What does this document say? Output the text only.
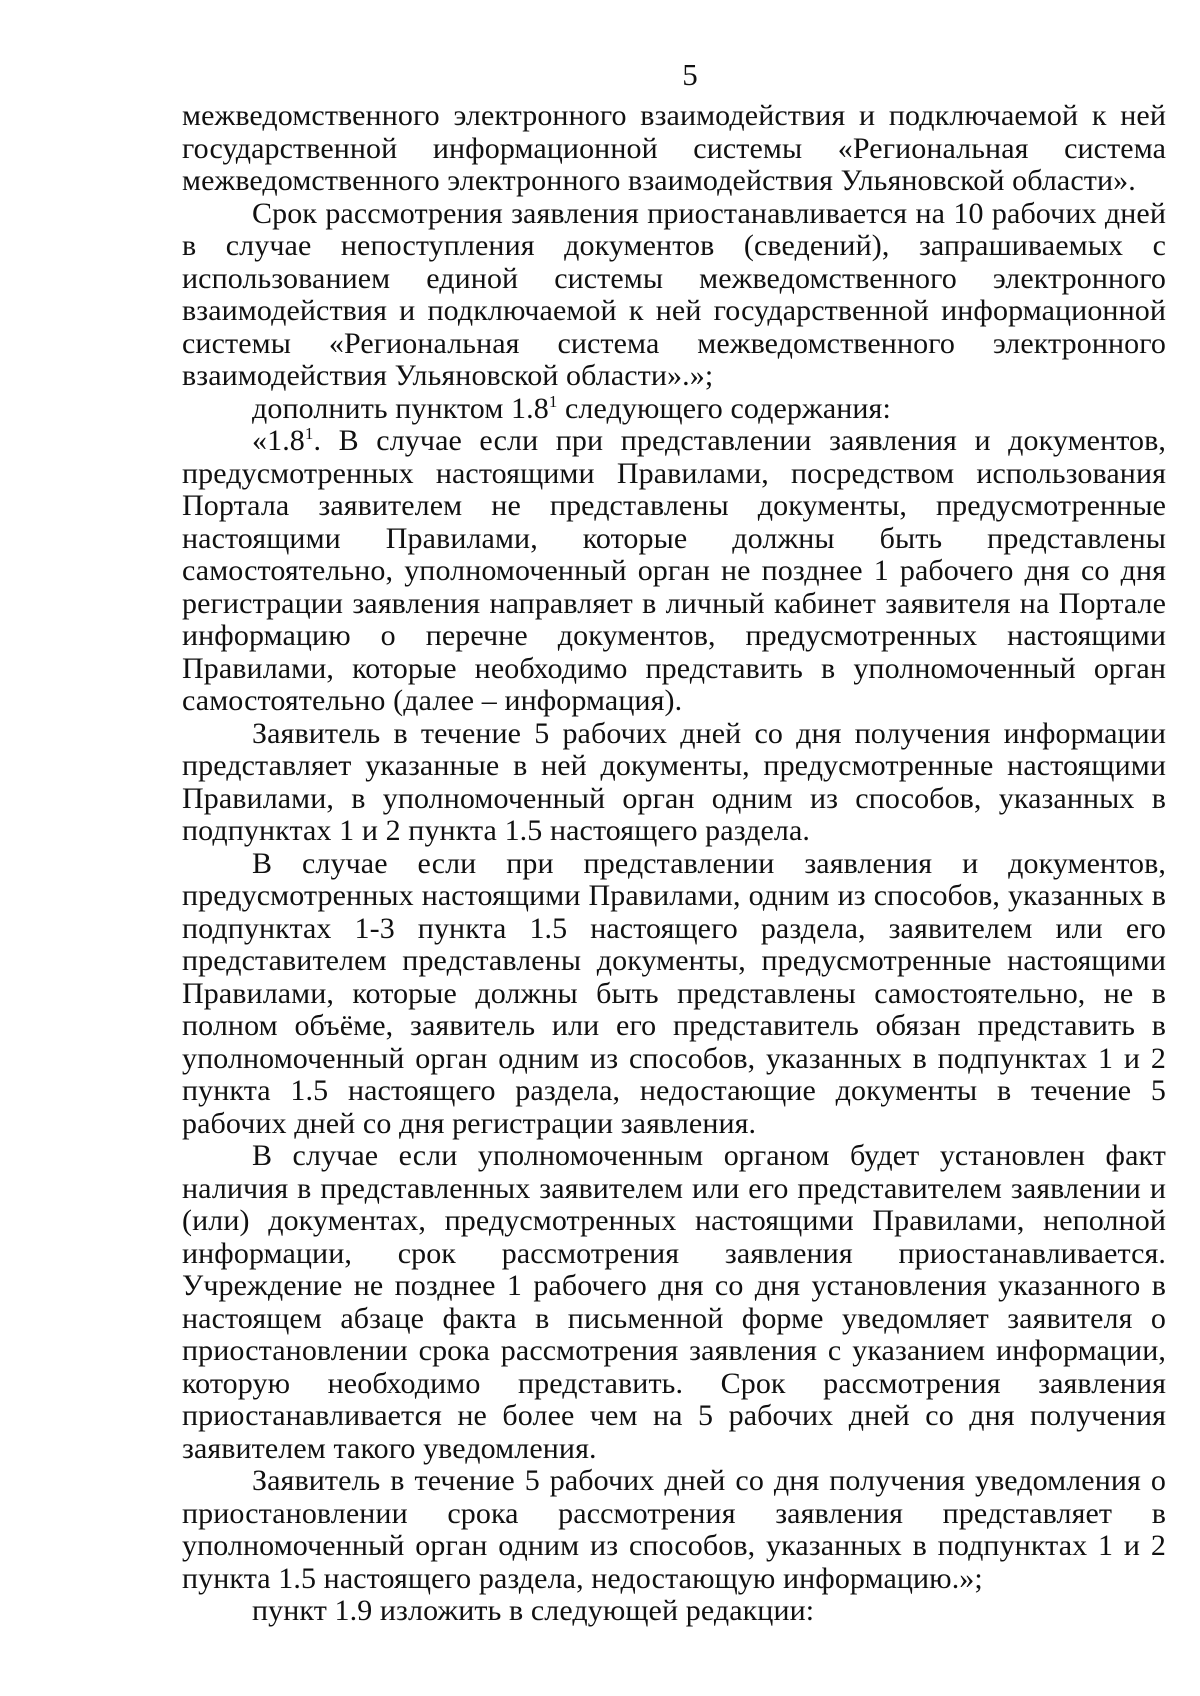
5

межведомственного электронного взаимодействия и подключаемой к ней государственной информационной системы «Региональная система межведомственного электронного взаимодействия Ульяновской области».

Срок рассмотрения заявления приостанавливается на 10 рабочих дней в случае непоступления документов (сведений), запрашиваемых с использованием единой системы межведомственного электронного взаимодействия и подключаемой к ней государственной информационной системы «Региональная система межведомственного электронного взаимодействия Ульяновской области».»;

дополнить пунктом $1.8^1$ следующего содержания:

«$1.8^1$. В случае если при представлении заявления и документов, предусмотренных настоящими Правилами, посредством использования Портала заявителем не представлены документы, предусмотренные настоящими Правилами, которые должны быть представлены самостоятельно, уполномоченный орган не позднее 1 рабочего дня со дня регистрации заявления направляет в личный кабинет заявителя на Портале информацию о перечне документов, предусмотренных настоящими Правилами, которые необходимо представить в уполномоченный орган самостоятельно (далее – информация).

Заявитель в течение 5 рабочих дней со дня получения информации представляет указанные в ней документы, предусмотренные настоящими Правилами, в уполномоченный орган одним из способов, указанных в подпунктах 1 и 2 пункта 1.5 настоящего раздела.

В случае если при представлении заявления и документов, предусмотренных настоящими Правилами, одним из способов, указанных в подпунктах 1-3 пункта 1.5 настоящего раздела, заявителем или его представителем представлены документы, предусмотренные настоящими Правилами, которые должны быть представлены самостоятельно, не в полном объёме, заявитель или его представитель обязан представить в уполномоченный орган одним из способов, указанных в подпунктах 1 и 2 пункта 1.5 настоящего раздела, недостающие документы в течение 5 рабочих дней со дня регистрации заявления.

В случае если уполномоченным органом будет установлен факт наличия в представленных заявителем или его представителем заявлении и (или) документах, предусмотренных настоящими Правилами, неполной информации, срок рассмотрения заявления приостанавливается. Учреждение не позднее 1 рабочего дня со дня установления указанного в настоящем абзаце факта в письменной форме уведомляет заявителя о приостановлении срока рассмотрения заявления с указанием информации, которую необходимо представить. Срок рассмотрения заявления приостанавливается не более чем на 5 рабочих дней со дня получения заявителем такого уведомления.

Заявитель в течение 5 рабочих дней со дня получения уведомления о приостановлении срока рассмотрения заявления представляет в уполномоченный орган одним из способов, указанных в подпунктах 1 и 2 пункта 1.5 настоящего раздела, недостающую информацию.»;

пункт 1.9 изложить в следующей редакции:
